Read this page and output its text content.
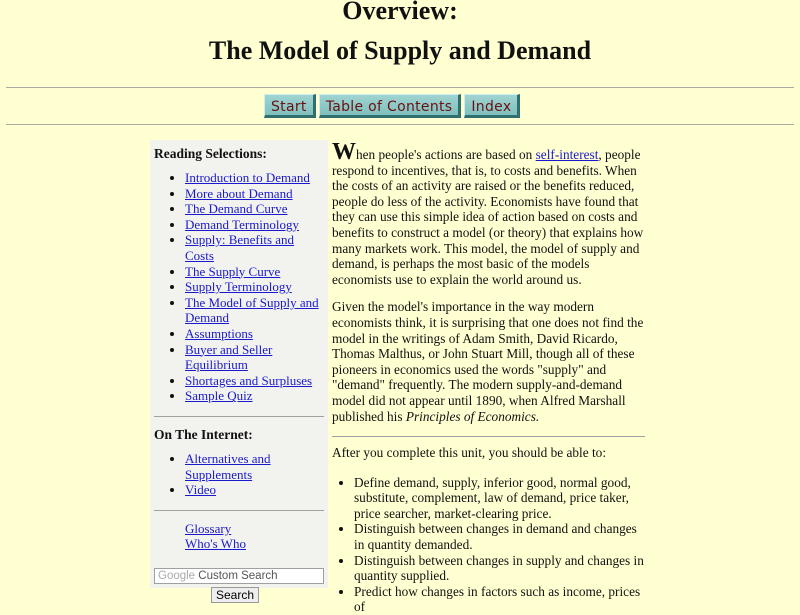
Overview:
The Model of Supply and Demand
Start	Table of Contents	Index
Reading Selections:
• Introduction to Demand
• More about Demand
• The Demand Curve
• Demand Terminology
• Supply: Benefits and Costs
• The Supply Curve
• Supply Terminology
• The Model of Supply and Demand
• Assumptions
• Buyer and Seller Equilibrium
• Shortages and Surpluses
• Sample Quiz
On The Internet:
• Alternatives and Supplements
• Video
Glossary
Who's Who
Google Custom Search
Search

When people's actions are based on self-interest, people respond to incentives, that is, to costs and benefits. When the costs of an activity are raised or the benefits reduced, people do less of the activity. Economists have found that they can use this simple idea of action based on costs and benefits to construct a model (or theory) that explains how many markets work. This model, the model of supply and demand, is perhaps the most basic of the models economists use to explain the world around us.

Given the model's importance in the way modern economists think, it is surprising that one does not find the model in the writings of Adam Smith, David Ricardo, Thomas Malthus, or John Stuart Mill, though all of these pioneers in economics used the words "supply" and "demand" frequently. The modern supply-and-demand model did not appear until 1890, when Alfred Marshall published his Principles of Economics.

After you complete this unit, you should be able to:
• Define demand, supply, inferior good, normal good, substitute, complement, law of demand, price taker, price searcher, market-clearing price.
• Distinguish between changes in demand and changes in quantity demanded.
• Distinguish between changes in supply and changes in quantity supplied.
• Predict how changes in factors such as income, prices of
